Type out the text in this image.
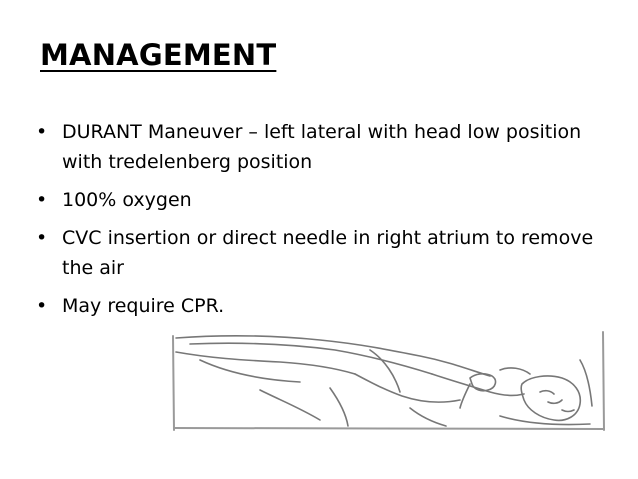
MANAGEMENT
• DURANT Maneuver – left lateral with head low position with tredelenberg position
• 100% oxygen
• CVC insertion or direct needle in right atrium to remove the air
• May require CPR.
